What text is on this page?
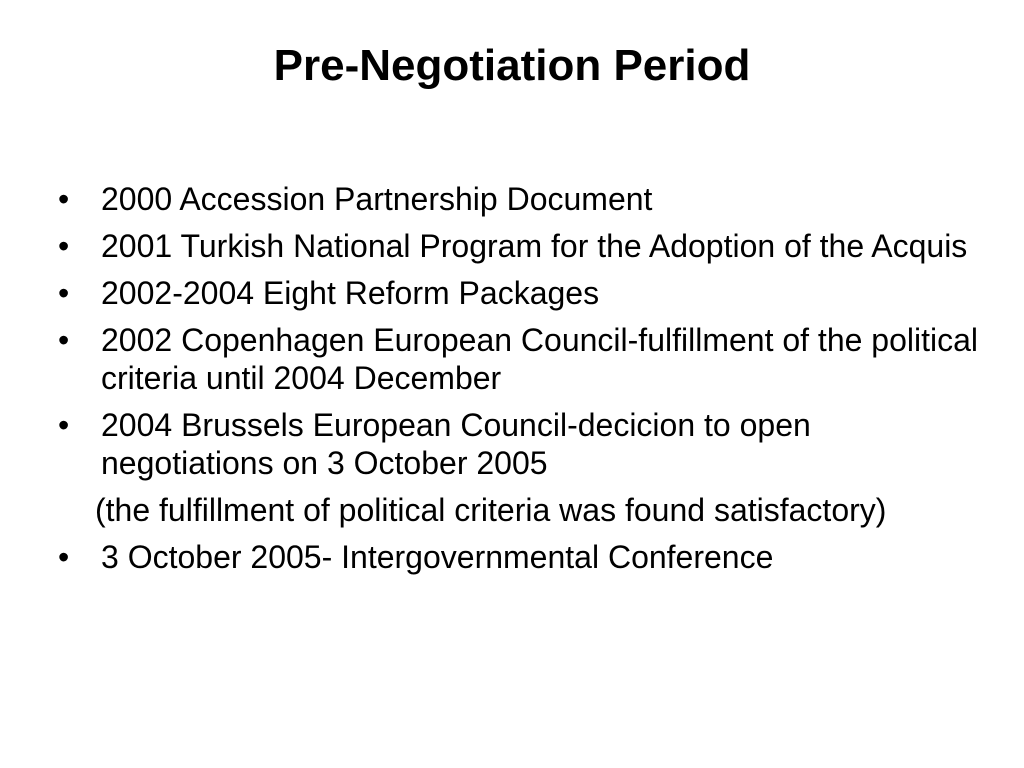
Pre-Negotiation Period
• 2000 Accession Partnership Document
• 2001 Turkish National Program for the Adoption of the Acquis
• 2002-2004 Eight Reform Packages
• 2002 Copenhagen European Council-fulfillment of the political criteria until 2004 December
• 2004 Brussels European Council-decicion to open negotiations on 3 October 2005
(the fulfillment of political criteria was found satisfactory)
• 3 October 2005- Intergovernmental Conference
